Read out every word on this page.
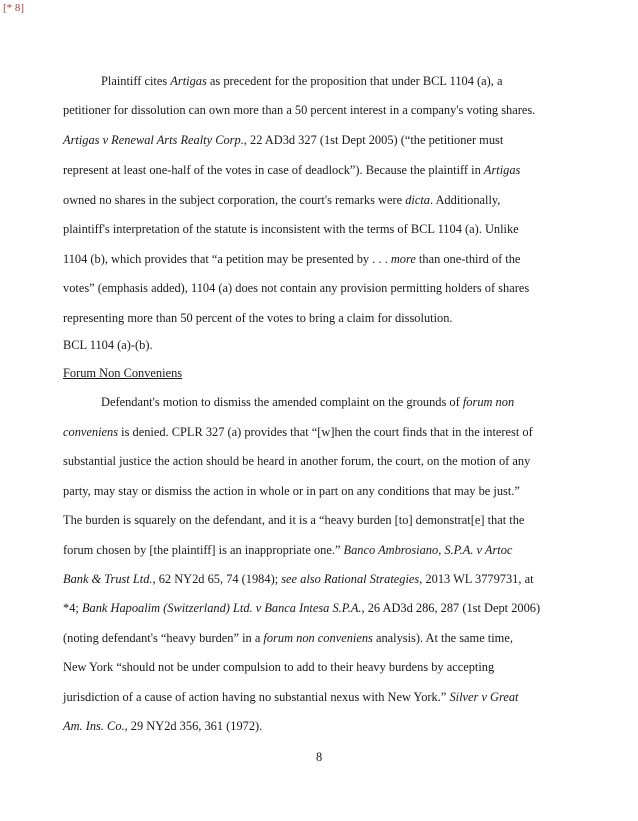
[* 8]
Plaintiff cites Artigas as precedent for the proposition that under BCL 1104 (a), a
petitioner for dissolution can own more than a 50 percent interest in a company's voting shares.
Artigas v Renewal Arts Realty Corp., 22 AD3d 327 (1st Dept 2005) (“the petitioner must
represent at least one-half of the votes in case of deadlock”). Because the plaintiff in Artigas
owned no shares in the subject corporation, the court's remarks were dicta. Additionally,
plaintiff's interpretation of the statute is inconsistent with the terms of BCL 1104 (a). Unlike
1104 (b), which provides that “a petition may be presented by . . . more than one-third of the
votes” (emphasis added), 1104 (a) does not contain any provision permitting holders of shares
representing more than 50 percent of the votes to bring a claim for dissolution.
BCL 1104 (a)-(b).
Forum Non Conveniens
Defendant's motion to dismiss the amended complaint on the grounds of forum non
conveniens is denied. CPLR 327 (a) provides that “[w]hen the court finds that in the interest of
substantial justice the action should be heard in another forum, the court, on the motion of any
party, may stay or dismiss the action in whole or in part on any conditions that may be just.”
The burden is squarely on the defendant, and it is a “heavy burden [to] demonstrat[e] that the
forum chosen by [the plaintiff] is an inappropriate one.” Banco Ambrosiano, S.P.A. v Artoc
Bank & Trust Ltd., 62 NY2d 65, 74 (1984); see also Rational Strategies, 2013 WL 3779731, at
*4; Bank Hapoalim (Switzerland) Ltd. v Banca Intesa S.P.A., 26 AD3d 286, 287 (1st Dept 2006)
(noting defendant's “heavy burden” in a forum non conveniens analysis). At the same time,
New York “should not be under compulsion to add to their heavy burdens by accepting
jurisdiction of a cause of action having no substantial nexus with New York.” Silver v Great
Am. Ins. Co., 29 NY2d 356, 361 (1972).
8
